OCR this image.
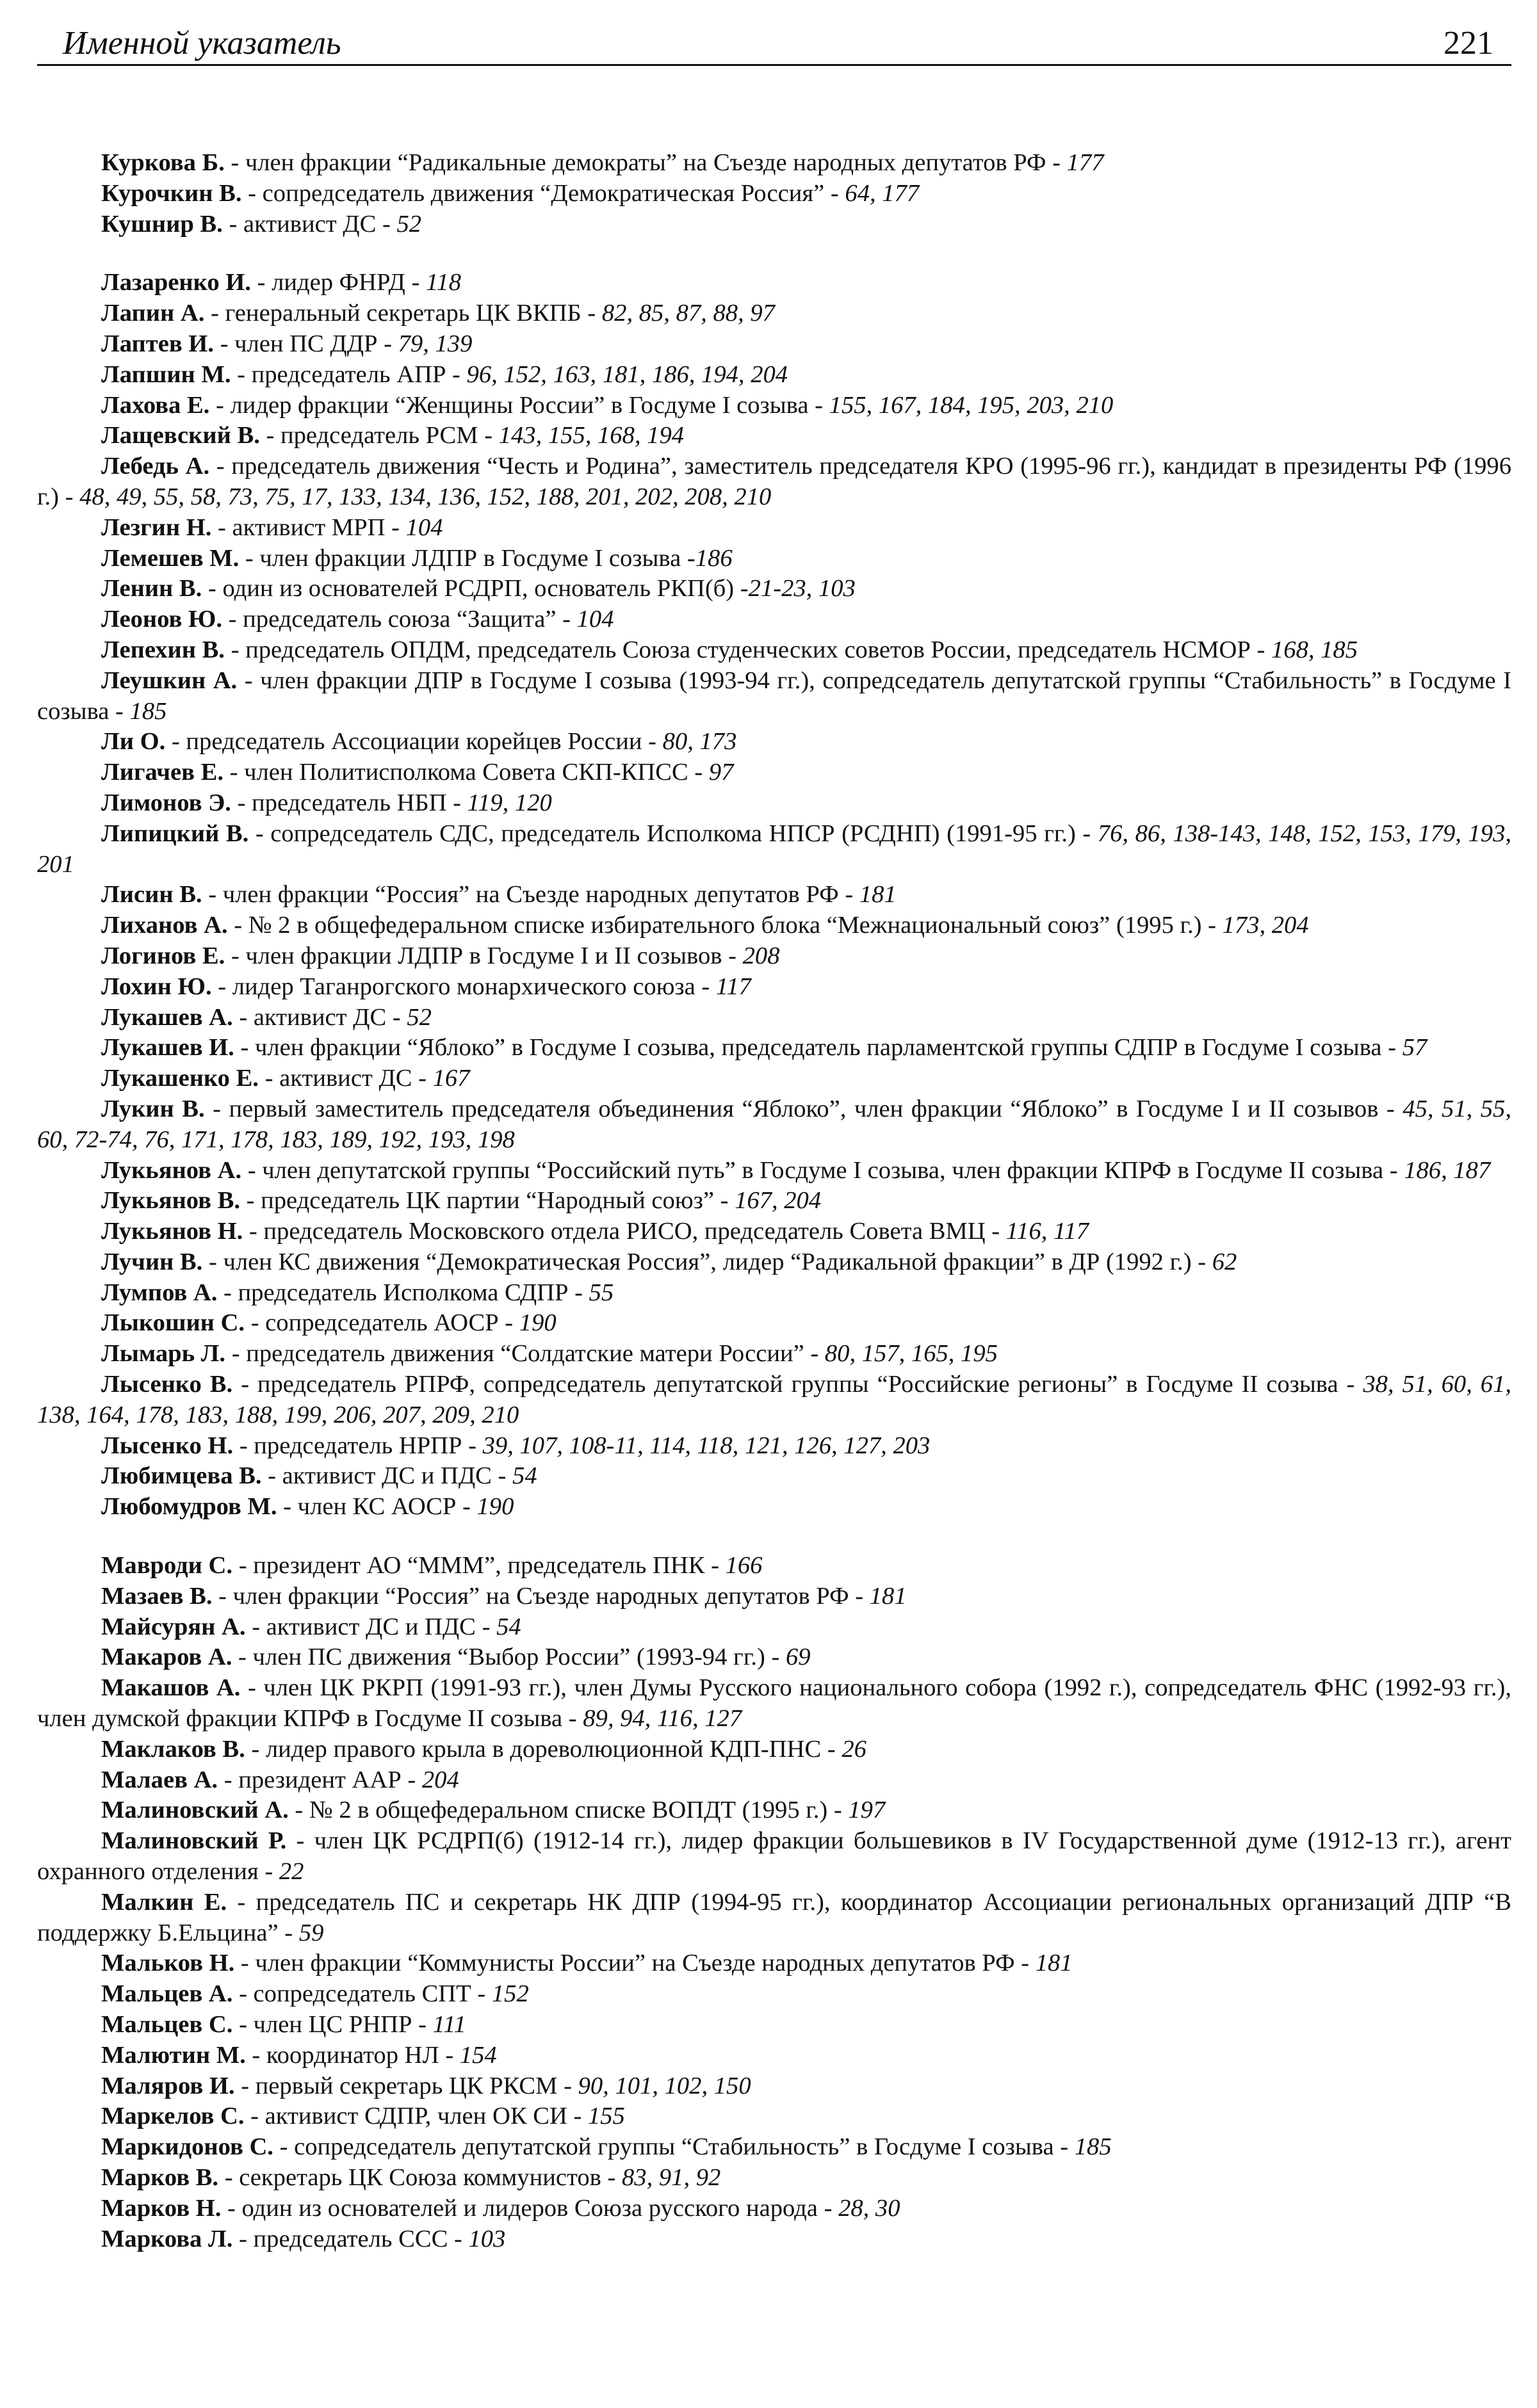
Именной указатель	221

Куркова Б. - член фракции “Радикальные демократы” на Съезде народных депутатов РФ - 177

Курочкин В. - сопредседатель движения “Демократическая Россия” - 64, 177

Кушнир В. - активист ДС - 52

Лазаренко И. - лидер ФНРД - 118

Лапин А. - генеральный секретарь ЦК ВКПБ - 82, 85, 87, 88, 97

Лаптев И. - член ПС ДДР - 79, 139

Лапшин М. - председатель АПР - 96, 152, 163, 181, 186, 194, 204

Лахова Е. - лидер фракции “Женщины России” в Госдуме I созыва - 155, 167, 184, 195, 203, 210

Лащевский В. - председатель РСМ - 143, 155, 168, 194

Лебедь А. - председатель движения “Честь и Родина”, заместитель председателя КРО (1995-96 гг.), кандидат в президенты РФ (1996 г.) - 48, 49, 55, 58, 73, 75, 17, 133, 134, 136, 152, 188, 201, 202, 208, 210

Лезгин Н. - активист МРП - 104

Лемешев М. - член фракции ЛДПР в Госдуме I созыва -186

Ленин В. - один из основателей РСДРП, основатель РКП(б) -21-23, 103

Леонов Ю. - председатель союза “Защита” - 104

Лепехин В. - председатель ОПДМ, председатель Союза студенческих советов России, председатель НСМОР - 168, 185

Леушкин А. - член фракции ДПР в Госдуме I созыва (1993-94 гг.), сопредседатель депутатской группы “Стабильность” в Госдуме I созыва - 185

Ли О. - председатель Ассоциации корейцев России - 80, 173

Лигачев Е. - член Политисполкома Совета СКП-КПСС - 97

Лимонов Э. - председатель НБП - 119, 120

Липицкий В. - сопредседатель СДС, председатель Исполкома НПСР (РСДНП) (1991-95 гг.) - 76, 86, 138-143, 148, 152, 153, 179, 193, 201

Лисин В. - член фракции “Россия” на Съезде народных депутатов РФ - 181

Лиханов А. - № 2 в общефедеральном списке избирательного блока “Межнациональный союз” (1995 г.) - 173, 204

Логинов Е. - член фракции ЛДПР в Госдуме I и II созывов - 208

Лохин Ю. - лидер Таганрогского монархического союза - 117

Лукашев А. - активист ДС - 52

Лукашев И. - член фракции “Яблоко” в Госдуме I созыва, председатель парламентской группы СДПР в Госдуме I созыва - 57

Лукашенко Е. - активист ДС - 167

Лукин В. - первый заместитель председателя объединения “Яблоко”, член фракции “Яблоко” в Госдуме I и II созывов - 45, 51, 55, 60, 72-74, 76, 171, 178, 183, 189, 192, 193, 198

Лукьянов А. - член депутатской группы “Российский путь” в Госдуме I созыва, член фракции КПРФ в Госдуме II созыва - 186, 187

Лукьянов В. - председатель ЦК партии “Народный союз” - 167, 204

Лукьянов Н. - председатель Московского отдела РИСО, председатель Совета ВМЦ - 116, 117

Лучин В. - член КС движения “Демократическая Россия”, лидер “Радикальной фракции” в ДР (1992 г.) - 62

Лумпов А. - председатель Исполкома СДПР - 55

Лыкошин С. - сопредседатель АОСР - 190

Лымарь Л. - председатель движения “Солдатские матери России” - 80, 157, 165, 195

Лысенко В. - председатель РПРФ, сопредседатель депутатской группы “Российские регионы” в Госдуме II созыва - 38, 51, 60, 61, 138, 164, 178, 183, 188, 199, 206, 207, 209, 210

Лысенко Н. - председатель НРПР - 39, 107, 108-11, 114, 118, 121, 126, 127, 203

Любимцева В. - активист ДС и ПДС - 54

Любомудров М. - член КС АОСР - 190

Мавроди С. - президент АО “МММ”, председатель ПНК - 166

Мазаев В. - член фракции “Россия” на Съезде народных депутатов РФ - 181

Майсурян А. - активист ДС и ПДС - 54

Макаров А. - член ПС движения “Выбор России” (1993-94 гг.) - 69

Макашов А. - член ЦК РКРП (1991-93 гг.), член Думы Русского национального собора (1992 г.), сопредседатель ФНС (1992-93 гг.), член думской фракции КПРФ в Госдуме II созыва - 89, 94, 116, 127

Маклаков В. - лидер правого крыла в дореволюционной КДП-ПНС - 26

Малаев А. - президент ААР - 204

Малиновский А. - № 2 в общефедеральном списке ВОПДТ (1995 г.) - 197

Малиновский Р. - член ЦК РСДРП(б) (1912-14 гг.), лидер фракции большевиков в IV Государственной думе (1912-13 гг.), агент охранного отделения - 22

Малкин Е. - председатель ПС и секретарь НК ДПР (1994-95 гг.), координатор Ассоциации региональных организаций ДПР “В поддержку Б.Ельцина” - 59

Мальков Н. - член фракции “Коммунисты России” на Съезде народных депутатов РФ - 181

Мальцев А. - сопредседатель СПТ - 152

Мальцев С. - член ЦС РНПР - 111

Малютин М. - координатор НЛ - 154

Маляров И. - первый секретарь ЦК РКСМ - 90, 101, 102, 150

Маркелов С. - активист СДПР, член ОК СИ - 155

Маркидонов С. - сопредседатель депутатской группы “Стабильность” в Госдуме I созыва - 185

Марков В. - секретарь ЦК Союза коммунистов - 83, 91, 92

Марков Н. - один из основателей и лидеров Союза русского народа - 28, 30

Маркова Л. - председатель ССС - 103
